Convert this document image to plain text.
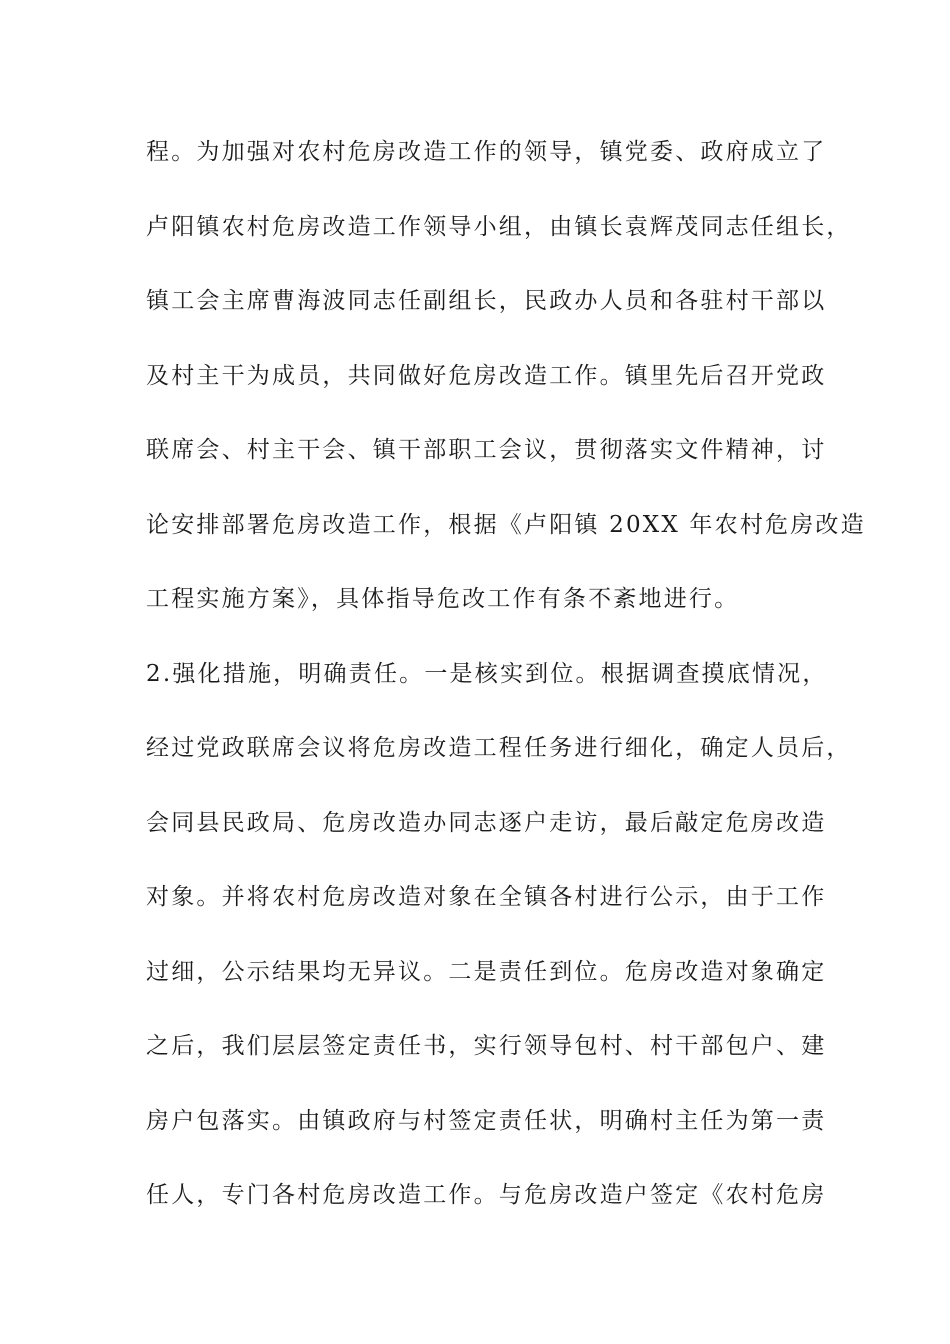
程。为加强对农村危房改造工作的领导，镇党委、政府成立了
卢阳镇农村危房改造工作领导小组，由镇长袁辉茂同志任组长，
镇工会主席曹海波同志任副组长，民政办人员和各驻村干部以
及村主干为成员，共同做好危房改造工作。镇里先后召开党政
联席会、村主干会、镇干部职工会议，贯彻落实文件精神，讨
论安排部署危房改造工作，根据《卢阳镇 20XX 年农村危房改造
工程实施方案》，具体指导危改工作有条不紊地进行。
2.强化措施，明确责任。一是核实到位。根据调查摸底情况，
经过党政联席会议将危房改造工程任务进行细化，确定人员后，
会同县民政局、危房改造办同志逐户走访，最后敲定危房改造
对象。并将农村危房改造对象在全镇各村进行公示，由于工作
过细，公示结果均无异议。二是责任到位。危房改造对象确定
之后，我们层层签定责任书，实行领导包村、村干部包户、建
房户包落实。由镇政府与村签定责任状，明确村主任为第一责
任人，专门各村危房改造工作。与危房改造户签定《农村危房
